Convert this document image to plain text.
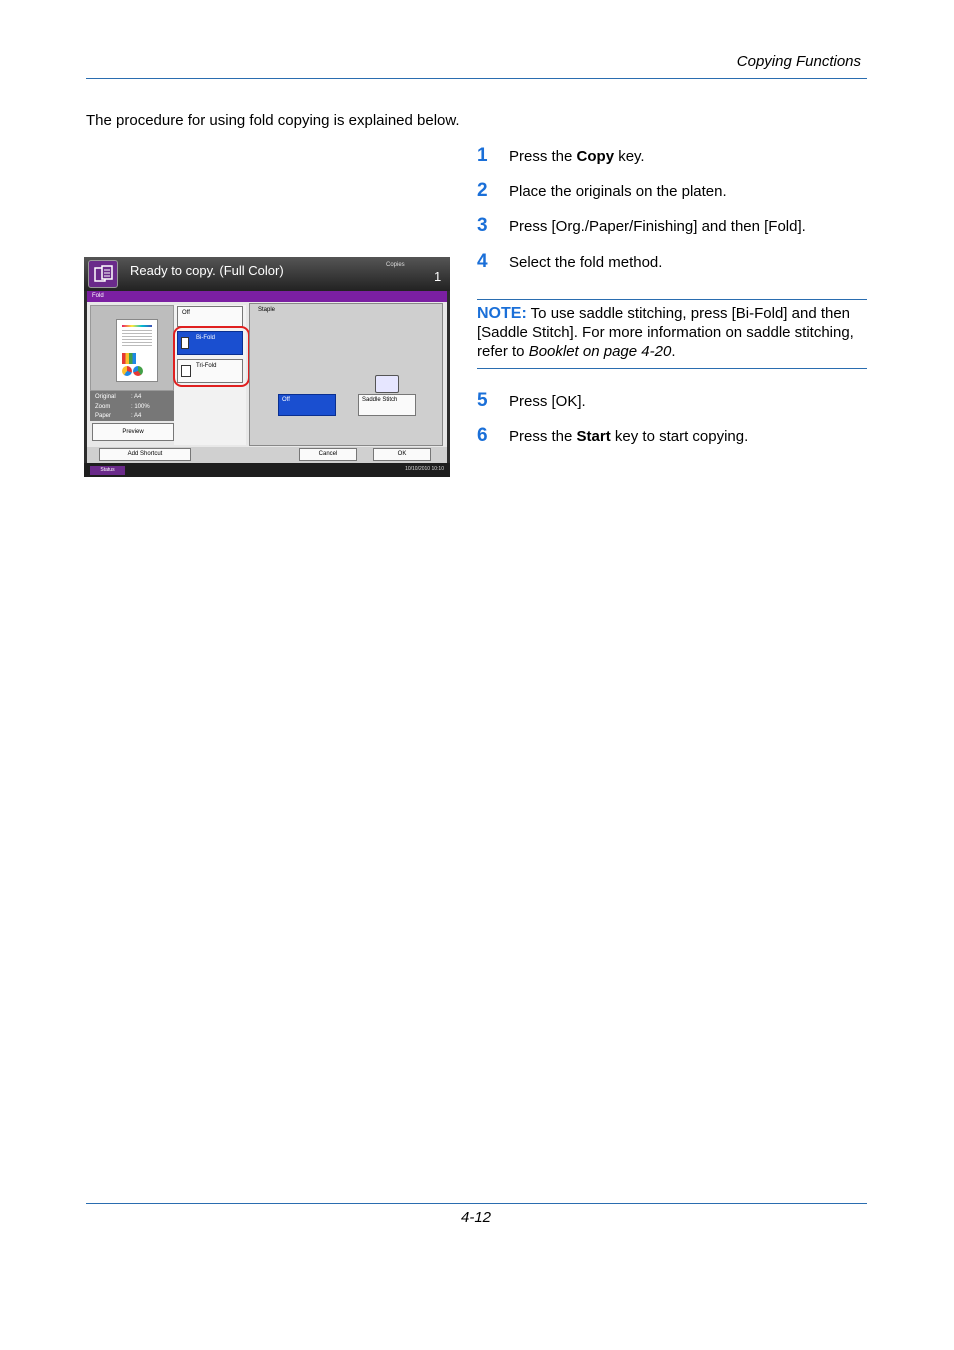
Copying Functions
The procedure for using fold copying is explained below.
1	Press the Copy key.
2	Place the originals on the platen.
3	Press [Org./Paper/Finishing] and then [Fold].
4	Select the fold method.
NOTE: To use saddle stitching, press [Bi-Fold] and then [Saddle Stitch]. For more information on saddle stitching, refer to Booklet on page 4-20.
5	Press [OK].
6	Press the Start key to start copying.
Ready to copy. (Full Color)	Copies
1
Fold
Original	: A4
Zoom	: 100%
Paper	: A4
Preview
Off
Bi-Fold
Tri-Fold
Staple
Off	Saddle Stitch
Add Shortcut	Cancel	OK
Status	10/10/2010 10:10
4-12
